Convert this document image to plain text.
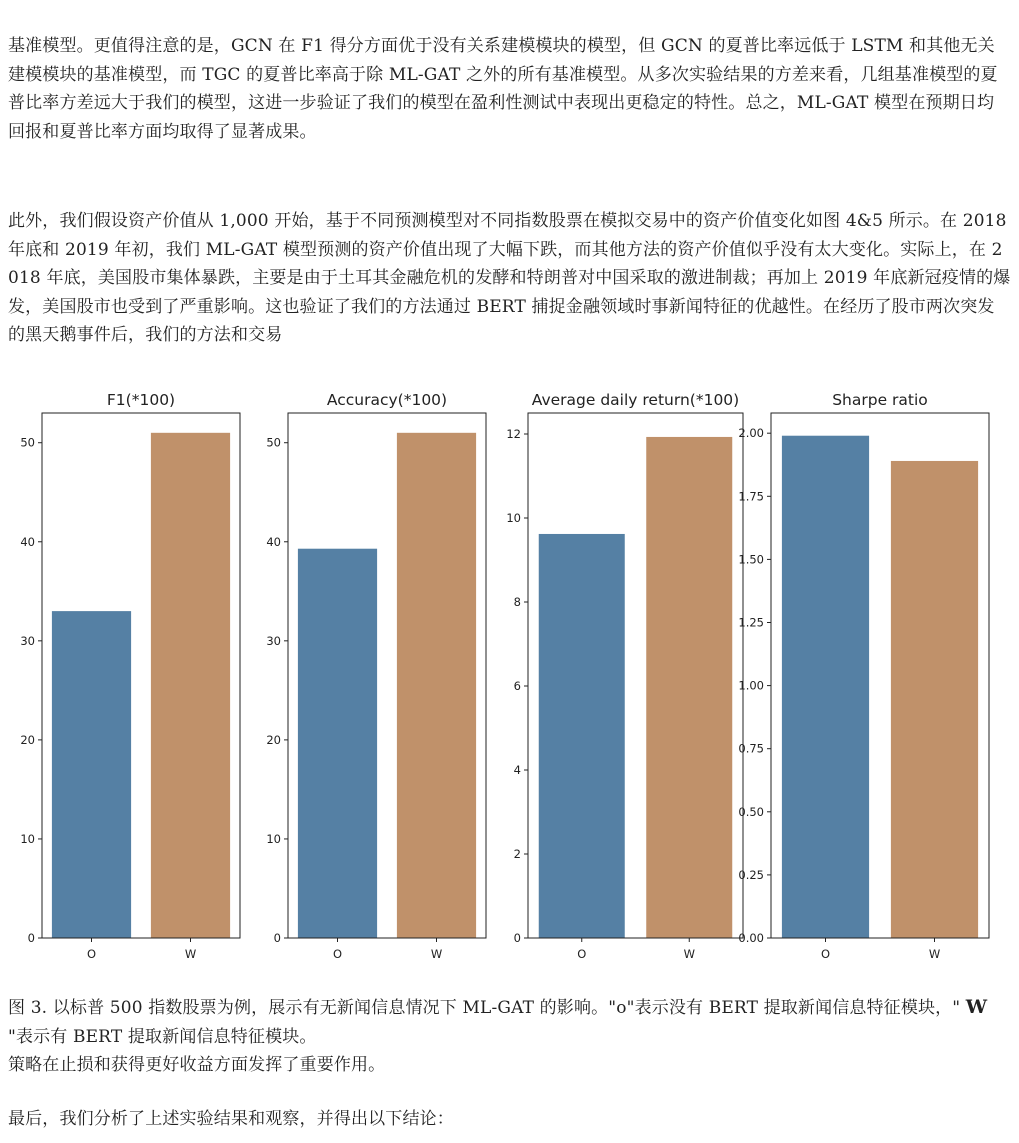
基准模型。更值得注意的是，GCN 在 F1 得分方面优于没有关系建模模块的模型，但 GCN 的夏普比率远低于 LSTM 和其他无关建模模块的基准模型，而 TGC 的夏普比率高于除 ML-GAT 之外的所有基准模型。从多次实验结果的方差来看，几组基准模型的夏普比率方差远大于我们的模型，这进一步验证了我们的模型在盈利性测试中表现出更稳定的特性。总之，ML-GAT 模型在预期日均回报和夏普比率方面均取得了显著成果。

此外，我们假设资产价值从 1,000 开始，基于不同预测模型对不同指数股票在模拟交易中的资产价值变化如图 4&5 所示。在 2018 年底和 2019 年初，我们 ML-GAT 模型预测的资产价值出现了大幅下跌，而其他方法的资产价值似乎没有太大变化。实际上，在 2018 年底，美国股市集体暴跌，主要是由于土耳其金融危机的发酵和特朗普对中国采取的激进制裁；再加上 2019 年底新冠疫情的爆发，美国股市也受到了严重影响。这也验证了我们的方法通过 BERT 捕捉金融领域时事新闻特征的优越性。在经历了股市两次突发的黑天鹅事件后，我们的方法和交易

F1(*100)
O	W
0
10
20
30
40
50
Accuracy(*100)
O	W
0
10
20
30
40
50
Average daily return(*100)
O	W
0
2
4
6
8
10
12
Sharpe ratio
O	W
0.00
0.25
0.50
0.75
1.00
1.25
1.50
1.75
2.00

图 3. 以标普 500 指数股票为例，展示有无新闻信息情况下 ML-GAT 的影响。"o"表示没有 BERT 提取新闻信息特征模块，" W "表示有 BERT 提取新闻信息特征模块。
策略在止损和获得更好收益方面发挥了重要作用。

最后，我们分析了上述实验结果和观察，并得出以下结论：
